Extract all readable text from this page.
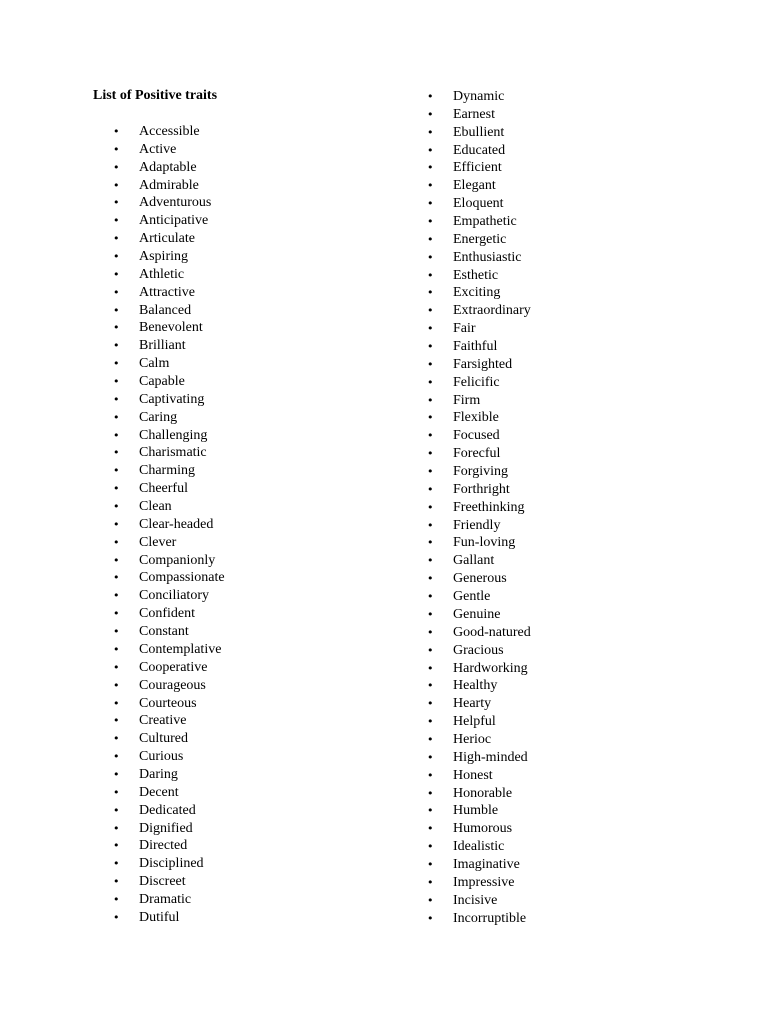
List of Positive traits
•	Accessible
•	Active
•	Adaptable
•	Admirable
•	Adventurous
•	Anticipative
•	Articulate
•	Aspiring
•	Athletic
•	Attractive
•	Balanced
•	Benevolent
•	Brilliant
•	Calm
•	Capable
•	Captivating
•	Caring
•	Challenging
•	Charismatic
•	Charming
•	Cheerful
•	Clean
•	Clear-headed
•	Clever
•	Companionly
•	Compassionate
•	Conciliatory
•	Confident
•	Constant
•	Contemplative
•	Cooperative
•	Courageous
•	Courteous
•	Creative
•	Cultured
•	Curious
•	Daring
•	Decent
•	Dedicated
•	Dignified
•	Directed
•	Disciplined
•	Discreet
•	Dramatic
•	Dutiful
•	Dynamic
•	Earnest
•	Ebullient
•	Educated
•	Efficient
•	Elegant
•	Eloquent
•	Empathetic
•	Energetic
•	Enthusiastic
•	Esthetic
•	Exciting
•	Extraordinary
•	Fair
•	Faithful
•	Farsighted
•	Felicific
•	Firm
•	Flexible
•	Focused
•	Forecful
•	Forgiving
•	Forthright
•	Freethinking
•	Friendly
•	Fun-loving
•	Gallant
•	Generous
•	Gentle
•	Genuine
•	Good-natured
•	Gracious
•	Hardworking
•	Healthy
•	Hearty
•	Helpful
•	Herioc
•	High-minded
•	Honest
•	Honorable
•	Humble
•	Humorous
•	Idealistic
•	Imaginative
•	Impressive
•	Incisive
•	Incorruptible
